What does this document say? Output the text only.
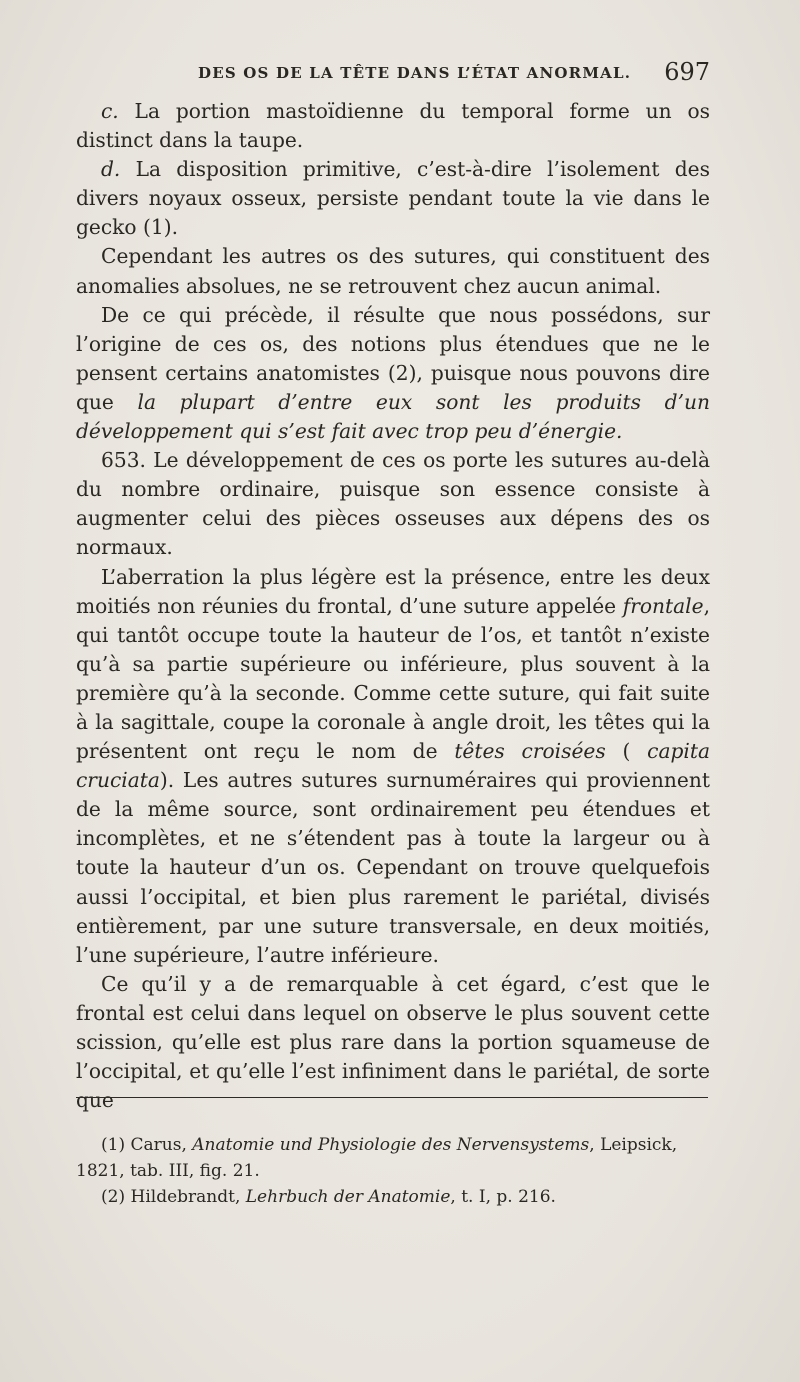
DES OS DE LA TÊTE DANS L’ÉTAT ANORMAL. 697

c. La portion mastoïdienne du temporal forme un os distinct dans la taupe.

d. La disposition primitive, c’est-à-dire l’isolement des divers noyaux osseux, persiste pendant toute la vie dans le gecko (1).

Cependant les autres os des sutures, qui constituent des anomalies absolues, ne se retrouvent chez aucun animal.

De ce qui précède, il résulte que nous possédons, sur l’origine de ces os, des notions plus étendues que ne le pensent certains anatomistes (2), puisque nous pouvons dire que la plupart d’entre eux sont les produits d’un développement qui s’est fait avec trop peu d’énergie.

653. Le développement de ces os porte les sutures au-delà du nombre ordinaire, puisque son essence consiste à augmenter celui des pièces osseuses aux dépens des os normaux.

L’aberration la plus légère est la présence, entre les deux moitiés non réunies du frontal, d’une suture appelée frontale, qui tantôt occupe toute la hauteur de l’os, et tantôt n’existe qu’à sa partie supérieure ou inférieure, plus souvent à la première qu’à la seconde. Comme cette suture, qui fait suite à la sagittale, coupe la coronale à angle droit, les têtes qui la présentent ont reçu le nom de têtes croisées ( capita cruciata). Les autres sutures surnuméraires qui proviennent de la même source, sont ordinairement peu étendues et incomplètes, et ne s’étendent pas à toute la largeur ou à toute la hauteur d’un os. Cependant on trouve quelquefois aussi l’occipital, et bien plus rarement le pariétal, divisés entièrement, par une suture transversale, en deux moitiés, l’une supérieure, l’autre inférieure.

Ce qu’il y a de remarquable à cet égard, c’est que le frontal est celui dans lequel on observe le plus souvent cette scission, qu’elle est plus rare dans la portion squameuse de l’occipital, et qu’elle l’est infiniment dans le pariétal, de sorte que

(1) Carus, Anatomie und Physiologie des Nervensystems, Leipsick, 1821, tab. III, fig. 21.

(2) Hildebrandt, Lehrbuch der Anatomie, t. I, p. 216.
